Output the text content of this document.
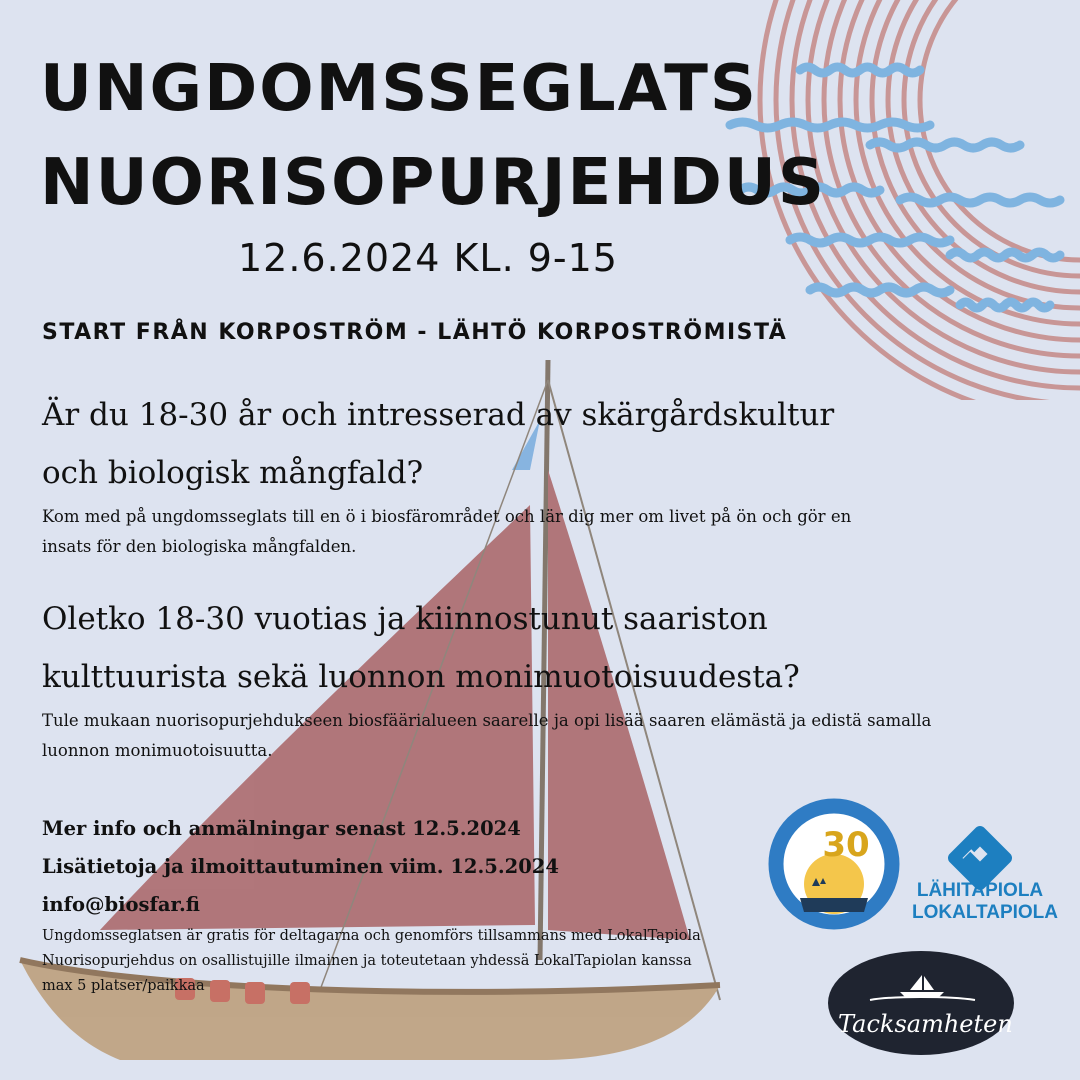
UNGDOMSSEGLATS
NUORISOPURJEHDUS
12.6.2024 KL. 9-15
START FRÅN KORPOSTRÖM - LÄHTÖ KORPOSTRÖMISTÄ

Är du 18-30 år och intresserad av skärgårdskultur och biologisk mångfald?

Kom med på ungdomsseglats till en ö i biosfärområdet och lär dig mer om livet på ön och gör en insats för den biologiska mångfalden.

Oletko 18-30 vuotias ja kiinnostunut saariston kulttuurista sekä luonnon monimuotoisuudesta?

Tule mukaan nuorisopurjehdukseen biosfäärialueen saarelle ja opi lisää saaren elämästä ja edistä samalla luonnon monimuotoisuutta.

Mer info och anmälningar senast 12.5.2024
Lisätietoja ja ilmoittautuminen viim. 12.5.2024
info@biosfar.fi
Ungdomsseglatsen är gratis för deltagarna och genomförs tillsammans med LokalTapiola
Nuorisopurjehdus on osallistujille ilmainen ja toteutetaan yhdessä LokalTapiolan kanssa
max 5 platser/paikkaa
30
LÄHITAPIOLA
LOKALTAPIOLA
Tacksamheten
